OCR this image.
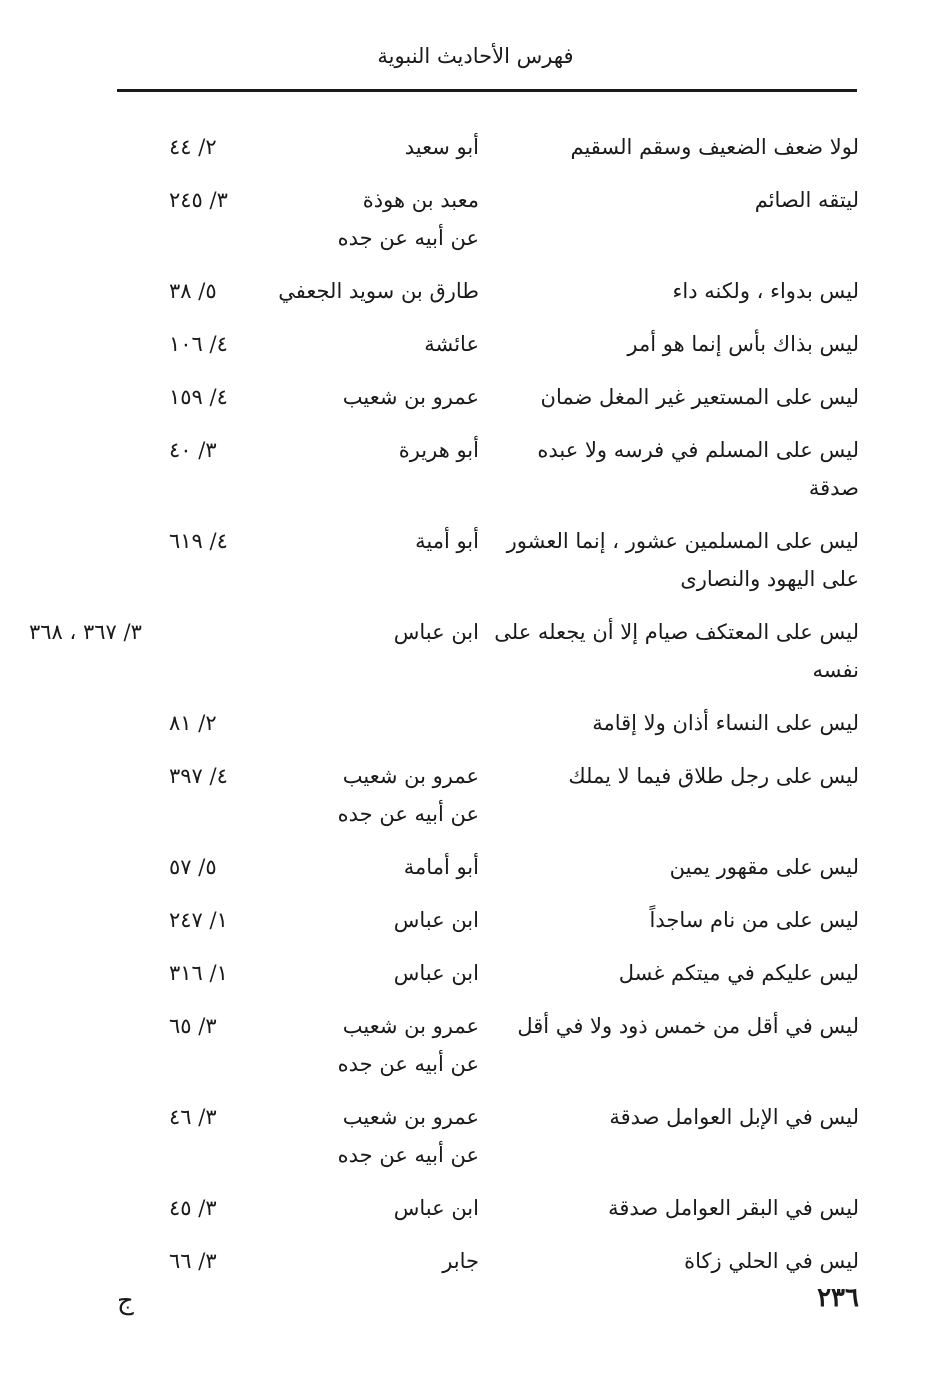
فهرس الأحاديث النبوية
لولا ضعف الضعيف وسقم السقيم
أبو سعيد
٢/ ٤٤
ليتقه الصائم
معبد بن هوذة
عن أبيه عن جده
٣/ ٢٤٥
ليس بدواء ، ولكنه داء
طارق بن سويد الجعفي
٥/ ٣٨
ليس بذاك بأس إنما هو أمر
عائشة
٤/ ١٠٦
ليس على المستعير غير المغل ضمان
عمرو بن شعيب
٤/ ١٥٩
ليس على المسلم في فرسه ولا عبده صدقة
أبو هريرة
٣/ ٤٠
ليس على المسلمين عشور ، إنما العشور على اليهود والنصارى
أبو أمية
٤/ ٦١٩
ليس على المعتكف صيام إلا أن يجعله على نفسه
ابن عباس
٣/ ٣٦٧ ، ٣٦٨
ليس على النساء أذان ولا إقامة
٢/ ٨١
ليس على رجل طلاق فيما لا يملك
عمرو بن شعيب
عن أبيه عن جده
٤/ ٣٩٧
ليس على مقهور يمين
أبو أمامة
٥/ ٥٧
ليس على من نام ساجداً
ابن عباس
١/ ٢٤٧
ليس عليكم في ميتكم غسل
ابن عباس
١/ ٣١٦
ليس في أقل من خمس ذود ولا في أقل
عمرو بن شعيب
عن أبيه عن جده
٣/ ٦٥
ليس في الإبل العوامل صدقة
عمرو بن شعيب
عن أبيه عن جده
٣/ ٤٦
ليس في البقر العوامل صدقة
ابن عباس
٣/ ٤٥
ليس في الحلي زكاة
جابر
٣/ ٦٦
٢٣٦
ج
